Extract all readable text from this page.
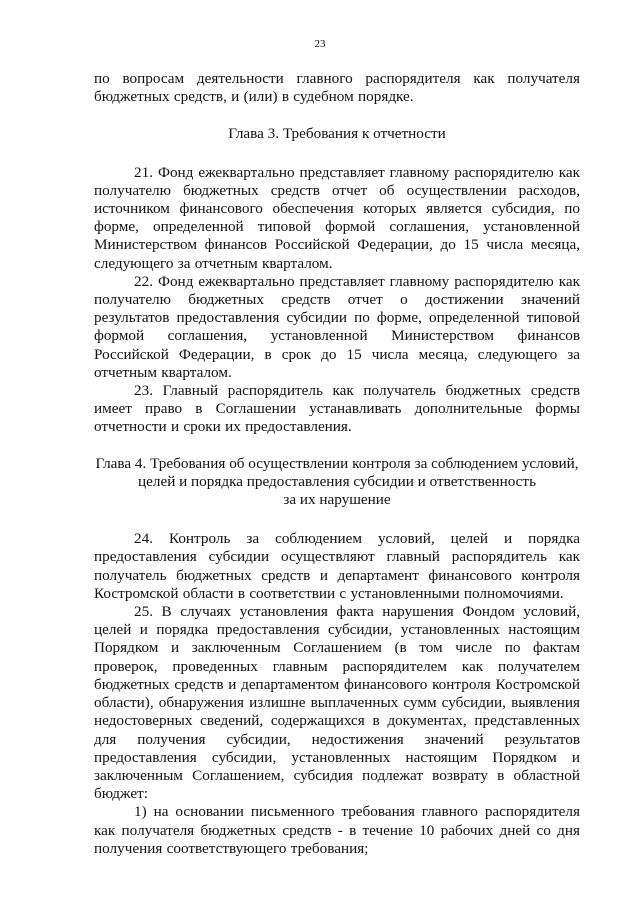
23

по вопросам деятельности главного распорядителя как получателя бюджетных средств, и (или) в судебном порядке.

Глава 3. Требования к отчетности

21. Фонд ежеквартально представляет главному распорядителю как получателю бюджетных средств отчет об осуществлении расходов, источником финансового обеспечения которых является субсидия, по форме, определенной типовой формой соглашения, установленной Министерством финансов Российской Федерации, до 15 числа месяца, следующего за отчетным кварталом.

22. Фонд ежеквартально представляет главному распорядителю как получателю бюджетных средств отчет о достижении значений результатов предоставления субсидии по форме, определенной типовой формой соглашения, установленной Министерством финансов Российской Федерации, в срок до 15 числа месяца, следующего за отчетным кварталом.

23. Главный распорядитель как получатель бюджетных средств имеет право в Соглашении устанавливать дополнительные формы отчетности и сроки их предоставления.

Глава 4. Требования об осуществлении контроля за соблюдением условий,
целей и порядка предоставления субсидии и ответственность
за их нарушение

24. Контроль за соблюдением условий, целей и порядка предоставления субсидии осуществляют главный распорядитель как получатель бюджетных средств и департамент финансового контроля Костромской области в соответствии с установленными полномочиями.

25. В случаях установления факта нарушения Фондом условий, целей и порядка предоставления субсидии, установленных настоящим Порядком и заключенным Соглашением (в том числе по фактам проверок, проведенных главным распорядителем как получателем бюджетных средств и департаментом финансового контроля Костромской области), обнаружения излишне выплаченных сумм субсидии, выявления недостоверных сведений, содержащихся в документах, представленных для получения субсидии, недостижения значений результатов предоставления субсидии, установленных настоящим Порядком и заключенным Соглашением, субсидия подлежат возврату в областной бюджет:

1) на основании письменного требования главного распорядителя как получателя бюджетных средств - в течение 10 рабочих дней со дня получения соответствующего требования;
